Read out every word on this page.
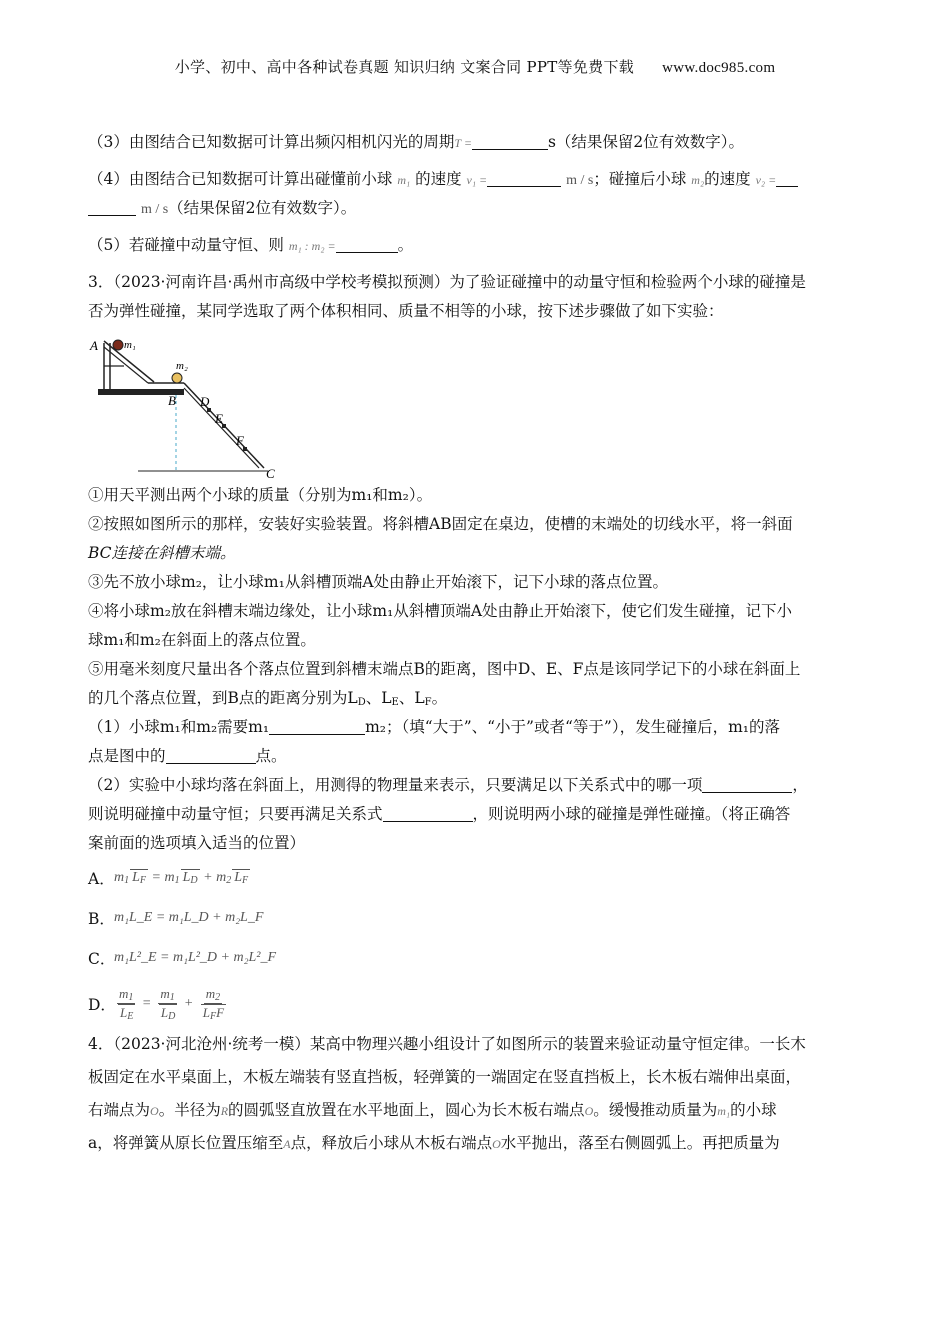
小学、初中、高中各种试卷真题 知识归纳 文案合同 PPT等免费下载 www.doc985.com
（3）由图结合已知数据可计算出频闪相机闪光的周期T =	s（结果保留2位有效数字）。
（4）由图结合已知数据可计算出碰懂前小球 m₁ 的速度 v₁ =	m / s；碰撞后小球 m₂的速度 v₂ =
m / s（结果保留2位有效数字）。
（5）若碰撞中动量守恒、则 m₁ : m₂ =	。
3．（2023·河南许昌·禹州市高级中学校考模拟预测）为了验证碰撞中的动量守恒和检验两个小球的碰撞是
否为弹性碰撞，某同学选取了两个体积相同、质量不相等的小球，按下述步骤做了如下实验：
A m₁
m₂
B D
E
F
C
①用天平测出两个小球的质量（分别为m₁和m₂）。
②按照如图所示的那样，安装好实验装置。将斜槽AB固定在桌边，使槽的末端处的切线水平，将一斜面
BC连接在斜槽末端。
③先不放小球m₂，让小球m₁从斜槽顶端A处由静止开始滚下，记下小球的落点位置。
④将小球m₂放在斜槽末端边缘处，让小球m₁从斜槽顶端A处由静止开始滚下，使它们发生碰撞，记下小
球m₁和m₂在斜面上的落点位置。
⑤用毫米刻度尺量出各个落点位置到斜槽末端点B的距离，图中D、E、F点是该同学记下的小球在斜面上
的几个落点位置，到B点的距离分别为$L_D$、$L_E$、$L_F$。
（1）小球m₁和m₂需要m₁	m₂；（填“大于”、“小于”或者“等于”），发生碰撞后，m₁的落
点是图中的	点。
（2）实验中小球均落在斜面上，用测得的物理量来表示，只要满足以下关系式中的哪一项	，
则说明碰撞中动量守恒；只要再满足关系式	，则说明两小球的碰撞是弹性碰撞。（将正确答
案前面的选项填入适当的位置）
A． $m_1$ $L_F = m_1$ $L_D + m_2$ $L_F$
B． m₁L_E = m₁L_D + m₂L_F
C．
m₁L²_E = m₁L²_D + m₂L²_F
D． $\frac{m_1}{L_E} = \frac{m_1}{L_D} + \frac{m_2}{L_FF}$
4．（2023·河北沧州·统考一模）某高中物理兴趣小组设计了如图所示的装置来验证动量守恒定律。一长木
板固定在水平桌面上，木板左端装有竖直挡板，轻弹簧的一端固定在竖直挡板上，长木板右端伸出桌面，
右端点为O。半径为R的圆弧竖直放置在水平地面上，圆心为长木板右端点O。缓慢推动质量为m₁的小球
a，将弹簧从原长位置压缩至A点，释放后小球从木板右端点O水平抛出，落至右侧圆弧上。再把质量为
